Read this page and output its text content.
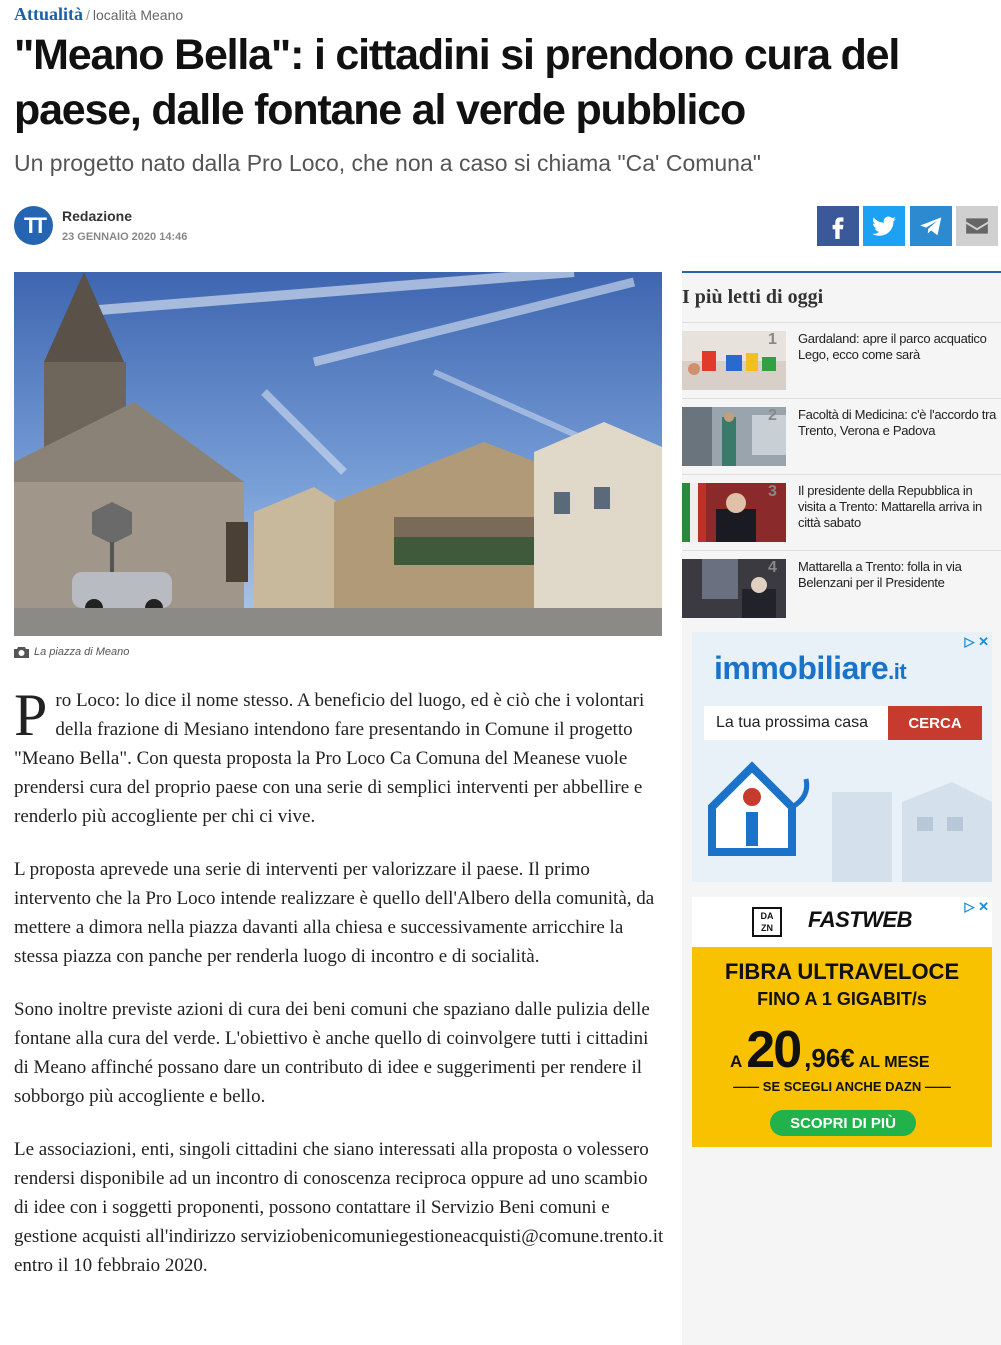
Attualità / località Meano
"Meano Bella": i cittadini si prendono cura del paese, dalle fontane al verde pubblico
Un progetto nato dalla Pro Loco, che non a caso si chiama "Ca' Comuna"
TT	Redazione
23 GENNAIO 2020 14:46
La piazza di Meano

Pro Loco: lo dice il nome stesso. A beneficio del luogo, ed è ciò che i volontari della frazione di Mesiano intendono fare presentando in Comune il progetto "Meano Bella". Con questa proposta la Pro Loco Ca Comuna del Meanese vuole prendersi cura del proprio paese con una serie di semplici interventi per abbellire e renderlo più accogliente per chi ci vive.

L proposta aprevede una serie di interventi per valorizzare il paese. Il primo intervento che la Pro Loco intende realizzare è quello dell'Albero della comunità, da mettere a dimora nella piazza davanti alla chiesa e successivamente arricchire la stessa piazza con panche per renderla luogo di incontro e di socialità.

Sono inoltre previste azioni di cura dei beni comuni che spaziano dalle pulizia delle fontane alla cura del verde. L'obiettivo è anche quello di coinvolgere tutti i cittadini di Meano affinché possano dare un contributo di idee e suggerimenti per rendere il sobborgo più accogliente e bello.

Le associazioni, enti, singoli cittadini che siano interessati alla proposta o volessero rendersi disponibile ad un incontro di conoscenza reciproca oppure ad uno scambio di idee con i soggetti proponenti, possono contattare il Servizio Beni comuni e gestione acquisti all'indirizzo serviziobenicomuniegestioneacquisti@comune.trento.it entro il 10 febbraio 2020.

I più letti di oggi
1 Gardaland: apre il parco acquatico Lego, ecco come sarà
2 Facoltà di Medicina: c'è l'accordo tra Trento, Verona e Padova
3 Il presidente della Repubblica in visita a Trento: Mattarella arriva in città sabato
4 Mattarella a Trento: folla in via Belenzani per il Presidente
▷ ✕
immobiliare.it
La tua prossima casa	CERCA
DA ZN	FASTWEB
▷ ✕
FIBRA ULTRAVELOCE
FINO A 1 GIGABIT/s
A 20 ,96€ AL MESE
—— SE SCEGLI ANCHE DAZN ——
SCOPRI DI PIÙ
